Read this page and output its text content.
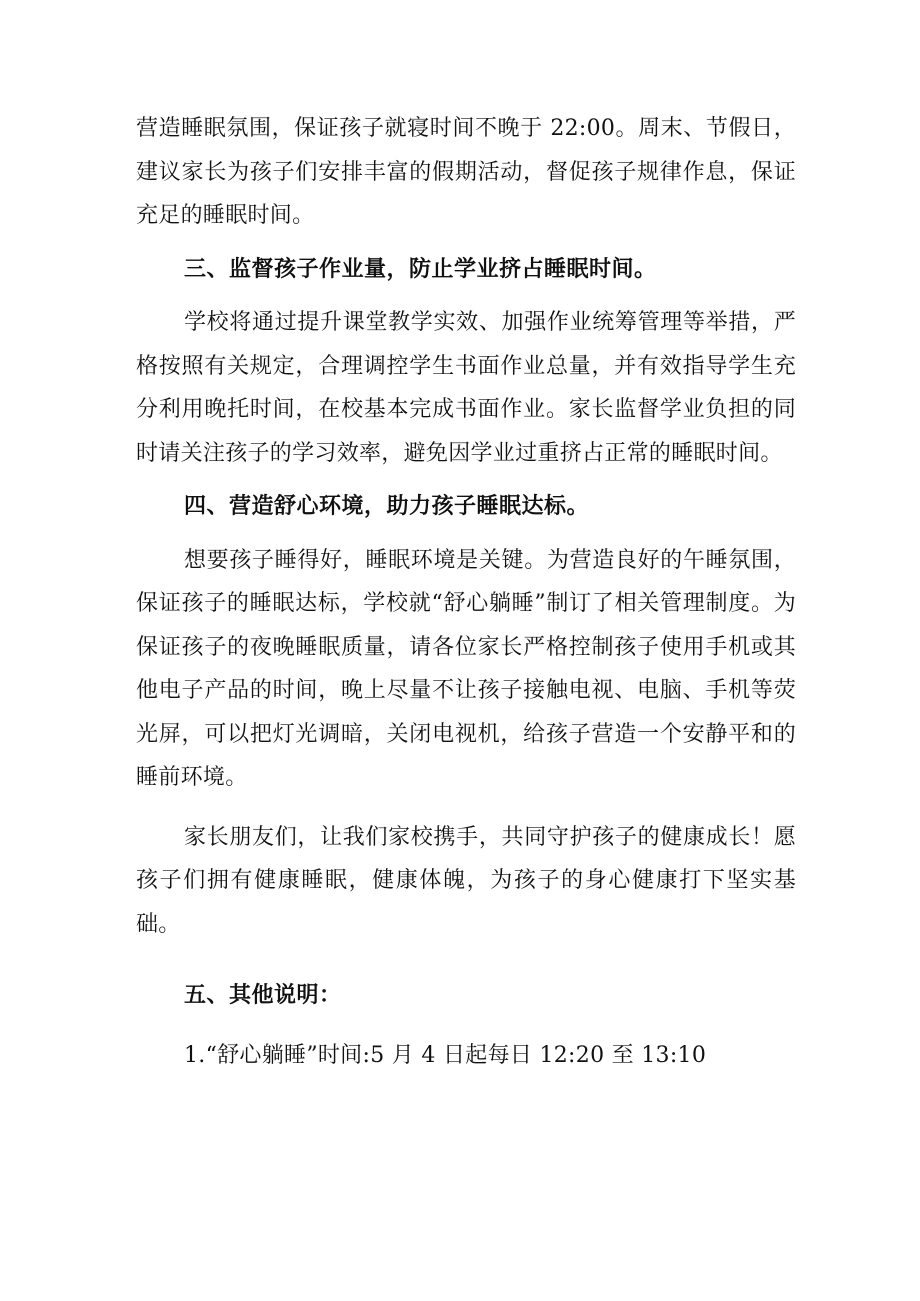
营造睡眠氛围，保证孩子就寝时间不晚于 22:00。周末、节假日，建议家长为孩子们安排丰富的假期活动，督促孩子规律作息，保证充足的睡眠时间。

三、监督孩子作业量，防止学业挤占睡眠时间。

学校将通过提升课堂教学实效、加强作业统筹管理等举措，严格按照有关规定，合理调控学生书面作业总量，并有效指导学生充分利用晚托时间，在校基本完成书面作业。家长监督学业负担的同时请关注孩子的学习效率，避免因学业过重挤占正常的睡眠时间。

四、营造舒心环境，助力孩子睡眠达标。

想要孩子睡得好，睡眠环境是关键。为营造良好的午睡氛围，保证孩子的睡眠达标，学校就“舒心躺睡”制订了相关管理制度。为保证孩子的夜晚睡眠质量，请各位家长严格控制孩子使用手机或其他电子产品的时间，晚上尽量不让孩子接触电视、电脑、手机等荧光屏，可以把灯光调暗，关闭电视机，给孩子营造一个安静平和的睡前环境。

家长朋友们，让我们家校携手，共同守护孩子的健康成长！愿孩子们拥有健康睡眠，健康体魄，为孩子的身心健康打下坚实基础。

五、其他说明：

1.“舒心躺睡”时间:5 月 4 日起每日 12:20 至 13:10
